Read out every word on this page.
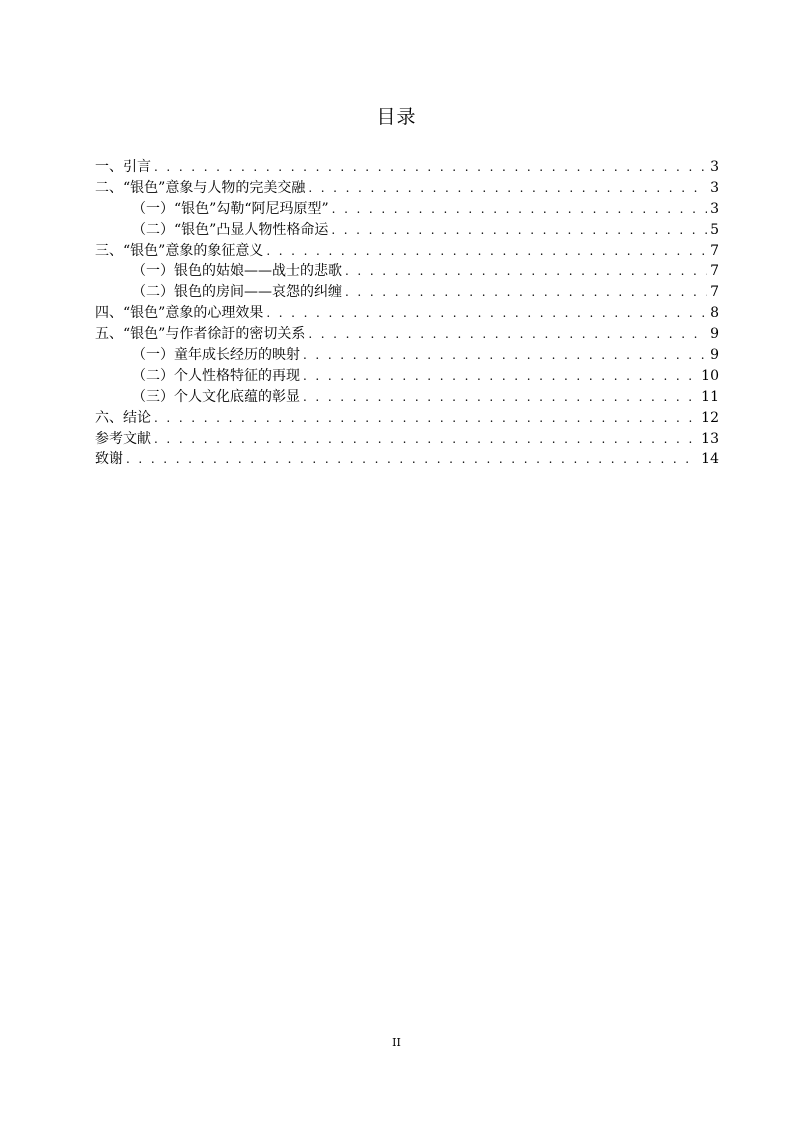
目录
一、引言 . . .	3
二、“银色”意象与人物的完美交融 . . .	3
（一）“银色”勾勒“阿尼玛原型” . . .	3
（二）“银色”凸显人物性格命运 . . .	5
三、“银色”意象的象征意义 . . .	7
（一）银色的姑娘——战士的悲歌 . . .	7
（二）银色的房间——哀怨的纠缠 . . .	7
四、“银色”意象的心理效果 . . .	8
五、“银色”与作者徐訏的密切关系 . . .	9
（一）童年成长经历的映射 . . .	9
（二）个人性格特征的再现 . . .	10
（三）个人文化底蕴的彰显 . . .	11
六、结论 . . .	12
参考文献 . . .	13
致谢 . . .	14
II
